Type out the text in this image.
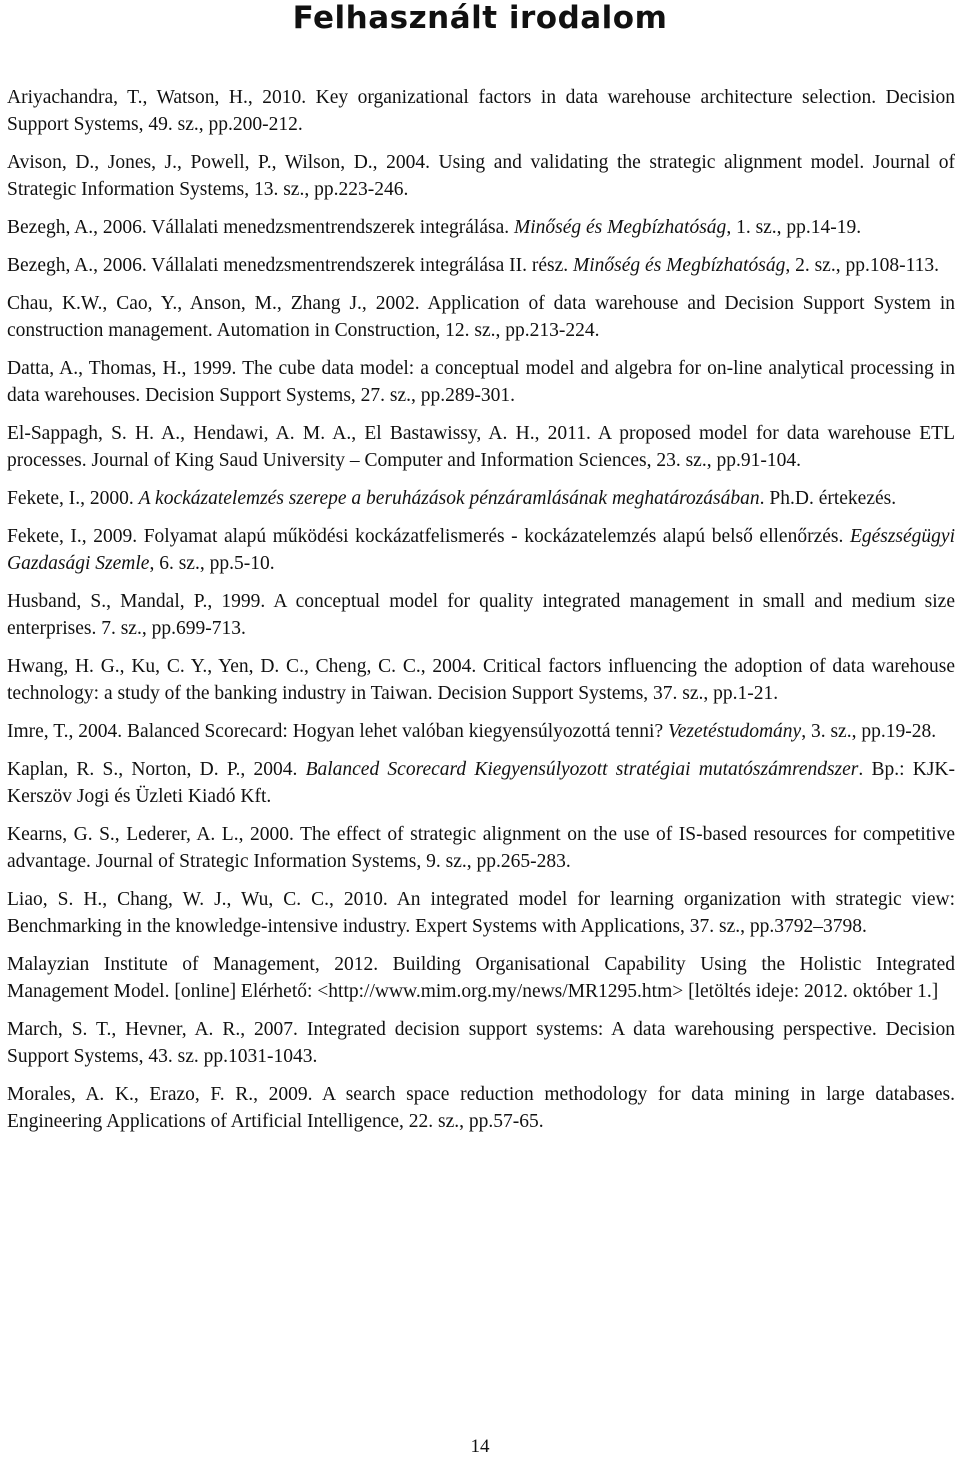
Felhasznált irodalom

Ariyachandra, T., Watson, H., 2010. Key organizational factors in data warehouse architecture selection. Decision Support Systems, 49. sz., pp.200-212.

Avison, D., Jones, J., Powell, P., Wilson, D., 2004. Using and validating the strategic alignment model. Journal of Strategic Information Systems, 13. sz., pp.223-246.

Bezegh, A., 2006. Vállalati menedzsmentrendszerek integrálása. Minőség és Megbízhatóság, 1. sz., pp.14-19.

Bezegh, A., 2006. Vállalati menedzsmentrendszerek integrálása II. rész. Minőség és Megbízhatóság, 2. sz., pp.108-113.

Chau, K.W., Cao, Y., Anson, M., Zhang J., 2002. Application of data warehouse and Decision Support System in construction management. Automation in Construction, 12. sz., pp.213-224.

Datta, A., Thomas, H., 1999. The cube data model: a conceptual model and algebra for on-line analytical processing in data warehouses. Decision Support Systems, 27. sz., pp.289-301.

El-Sappagh, S. H. A., Hendawi, A. M. A., El Bastawissy, A. H., 2011. A proposed model for data warehouse ETL processes. Journal of King Saud University – Computer and Information Sciences, 23. sz., pp.91-104.

Fekete, I., 2000. A kockázatelemzés szerepe a beruházások pénzáramlásának meghatározásában. Ph.D. értekezés.

Fekete, I., 2009. Folyamat alapú működési kockázatfelismerés - kockázatelemzés alapú belső ellenőrzés. Egészségügyi Gazdasági Szemle, 6. sz., pp.5-10.

Husband, S., Mandal, P., 1999. A conceptual model for quality integrated management in small and medium size enterprises. 7. sz., pp.699-713.

Hwang, H. G., Ku, C. Y., Yen, D. C., Cheng, C. C., 2004. Critical factors influencing the adoption of data warehouse technology: a study of the banking industry in Taiwan. Decision Support Systems, 37. sz., pp.1-21.

Imre, T., 2004. Balanced Scorecard: Hogyan lehet valóban kiegyensúlyozottá tenni? Vezetéstudomány, 3. sz., pp.19-28.

Kaplan, R. S., Norton, D. P., 2004. Balanced Scorecard Kiegyensúlyozott stratégiai mutatószámrendszer. Bp.: KJK-Kerszöv Jogi és Üzleti Kiadó Kft.

Kearns, G. S., Lederer, A. L., 2000. The effect of strategic alignment on the use of IS-based resources for competitive advantage. Journal of Strategic Information Systems, 9. sz., pp.265-283.

Liao, S. H., Chang, W. J., Wu, C. C., 2010. An integrated model for learning organization with strategic view: Benchmarking in the knowledge-intensive industry. Expert Systems with Applications, 37. sz., pp.3792–3798.

Malayzian Institute of Management, 2012. Building Organisational Capability Using the Holistic Integrated Management Model. [online] Elérhető: <http://www.mim.org.my/news/MR1295.htm> [letöltés ideje: 2012. október 1.]

March, S. T., Hevner, A. R., 2007. Integrated decision support systems: A data warehousing perspective. Decision Support Systems, 43. sz. pp.1031-1043.

Morales, A. K., Erazo, F. R., 2009. A search space reduction methodology for data mining in large databases. Engineering Applications of Artificial Intelligence, 22. sz., pp.57-65.

14
